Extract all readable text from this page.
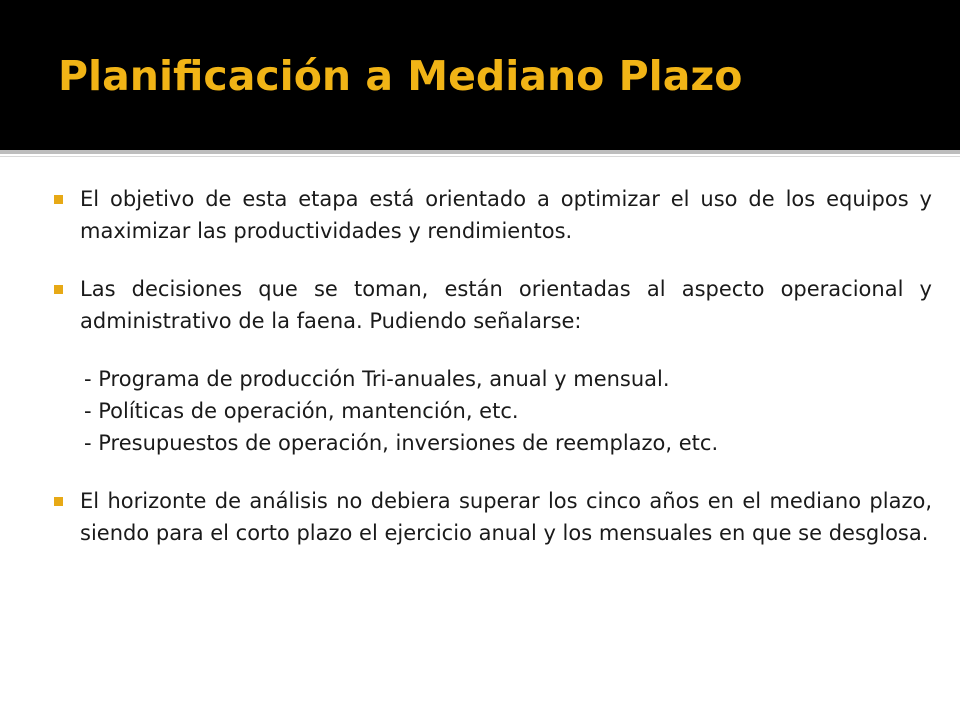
Planificación a Mediano Plazo
El objetivo de esta etapa está orientado a optimizar el uso de los equipos y maximizar las productividades y rendimientos.
Las decisiones que se toman, están orientadas al aspecto operacional y administrativo de la faena. Pudiendo señalarse:
- Programa de producción Tri-anuales, anual y mensual.
- Políticas de operación, mantención, etc.
- Presupuestos de operación, inversiones de reemplazo, etc.
El horizonte de análisis no debiera superar los cinco años en el mediano plazo, siendo para el corto plazo el ejercicio anual y los mensuales en que se desglosa.
